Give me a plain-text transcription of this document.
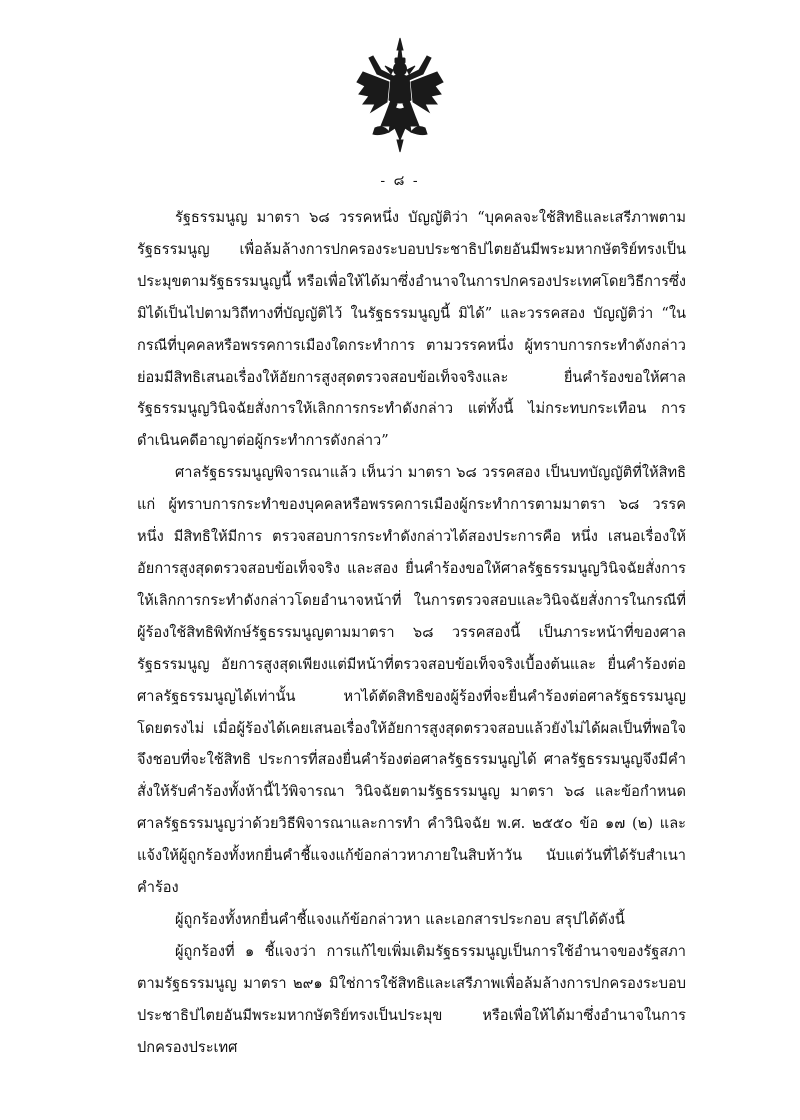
- ๘ -

รัฐธรรมนูญ มาตรา ๖๘ วรรคหนึ่ง บัญญัติว่า “บุคคลจะใช้สิทธิและเสรีภาพตามรัฐธรรมนูญ เพื่อล้มล้างการปกครองระบอบประชาธิปไตยอันมีพระมหากษัตริย์ทรงเป็นประมุขตามรัฐธรรมนูญนี้ หรือเพื่อให้ได้มาซึ่งอำนาจในการปกครองประเทศโดยวิธีการซึ่งมิได้เป็นไปตามวิถีทางที่บัญญัติไว้ ในรัฐธรรมนูญนี้ มิได้” และวรรคสอง บัญญัติว่า “ในกรณีที่บุคคลหรือพรรคการเมืองใดกระทำการ ตามวรรคหนึ่ง ผู้ทราบการกระทำดังกล่าวย่อมมีสิทธิเสนอเรื่องให้อัยการสูงสุดตรวจสอบข้อเท็จจริงและ ยื่นคำร้องขอให้ศาลรัฐธรรมนูญวินิจฉัยสั่งการให้เลิกการกระทำดังกล่าว แต่ทั้งนี้ ไม่กระทบกระเทือน การดำเนินคดีอาญาต่อผู้กระทำการดังกล่าว”

ศาลรัฐธรรมนูญพิจารณาแล้ว เห็นว่า มาตรา ๖๘ วรรคสอง เป็นบทบัญญัติที่ให้สิทธิแก่ ผู้ทราบการกระทำของบุคคลหรือพรรคการเมืองผู้กระทำการตามมาตรา ๖๘ วรรคหนึ่ง มีสิทธิให้มีการ ตรวจสอบการกระทำดังกล่าวได้สองประการคือ หนึ่ง เสนอเรื่องให้อัยการสูงสุดตรวจสอบข้อเท็จจริง และสอง ยื่นคำร้องขอให้ศาลรัฐธรรมนูญวินิจฉัยสั่งการให้เลิกการกระทำดังกล่าวโดยอำนาจหน้าที่ ในการตรวจสอบและวินิจฉัยสั่งการในกรณีที่ผู้ร้องใช้สิทธิพิทักษ์รัฐธรรมนูญตามมาตรา ๖๘ วรรคสองนี้ เป็นภาระหน้าที่ของศาลรัฐธรรมนูญ อัยการสูงสุดเพียงแต่มีหน้าที่ตรวจสอบข้อเท็จจริงเบื้องต้นและ ยื่นคำร้องต่อศาลรัฐธรรมนูญได้เท่านั้น หาได้ตัดสิทธิของผู้ร้องที่จะยื่นคำร้องต่อศาลรัฐธรรมนูญโดยตรงไม่ เมื่อผู้ร้องได้เคยเสนอเรื่องให้อัยการสูงสุดตรวจสอบแล้วยังไม่ได้ผลเป็นที่พอใจ จึงชอบที่จะใช้สิทธิ ประการที่สองยื่นคำร้องต่อศาลรัฐธรรมนูญได้ ศาลรัฐธรรมนูญจึงมีคำสั่งให้รับคำร้องทั้งห้านี้ไว้พิจารณา วินิจฉัยตามรัฐธรรมนูญ มาตรา ๖๘ และข้อกำหนดศาลรัฐธรรมนูญว่าด้วยวิธีพิจารณาและการทำ คำวินิจฉัย พ.ศ. ๒๕๕๐ ข้อ ๑๗ (๒) และแจ้งให้ผู้ถูกร้องทั้งหกยื่นคำชี้แจงแก้ข้อกล่าวหาภายในสิบห้าวัน นับแต่วันที่ได้รับสำเนาคำร้อง

ผู้ถูกร้องทั้งหกยื่นคำชี้แจงแก้ข้อกล่าวหา และเอกสารประกอบ สรุปได้ดังนี้

ผู้ถูกร้องที่ ๑ ชี้แจงว่า การแก้ไขเพิ่มเติมรัฐธรรมนูญเป็นการใช้อำนาจของรัฐสภา ตามรัฐธรรมนูญ มาตรา ๒๙๑ มิใช่การใช้สิทธิและเสรีภาพเพื่อล้มล้างการปกครองระบอบ ประชาธิปไตยอันมีพระมหากษัตริย์ทรงเป็นประมุข หรือเพื่อให้ได้มาซึ่งอำนาจในการปกครองประเทศ
